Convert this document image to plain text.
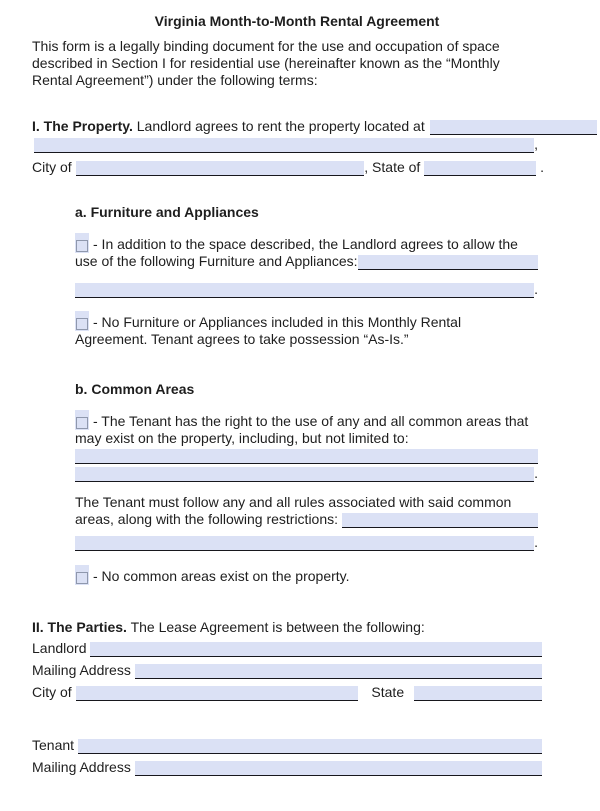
Virginia Month-to-Month Rental Agreement
This form is a legally binding document for the use and occupation of space
described in Section I for residential use (hereinafter known as the “Monthly
Rental Agreement”) under the following terms:
I. The Property. Landlord agrees to rent the property located at
,
City of	, State of	.
a. Furniture and Appliances
- In addition to the space described, the Landlord agrees to allow the
use of the following Furniture and Appliances:
.
- No Furniture or Appliances included in this Monthly Rental
Agreement. Tenant agrees to take possession “As-Is.”
b. Common Areas
- The Tenant has the right to the use of any and all common areas that
may exist on the property, including, but not limited to:
.
The Tenant must follow any and all rules associated with said common
areas, along with the following restrictions:
.
- No common areas exist on the property.
II. The Parties. The Lease Agreement is between the following:
Landlord
Mailing Address
City of	State
Tenant
Mailing Address
